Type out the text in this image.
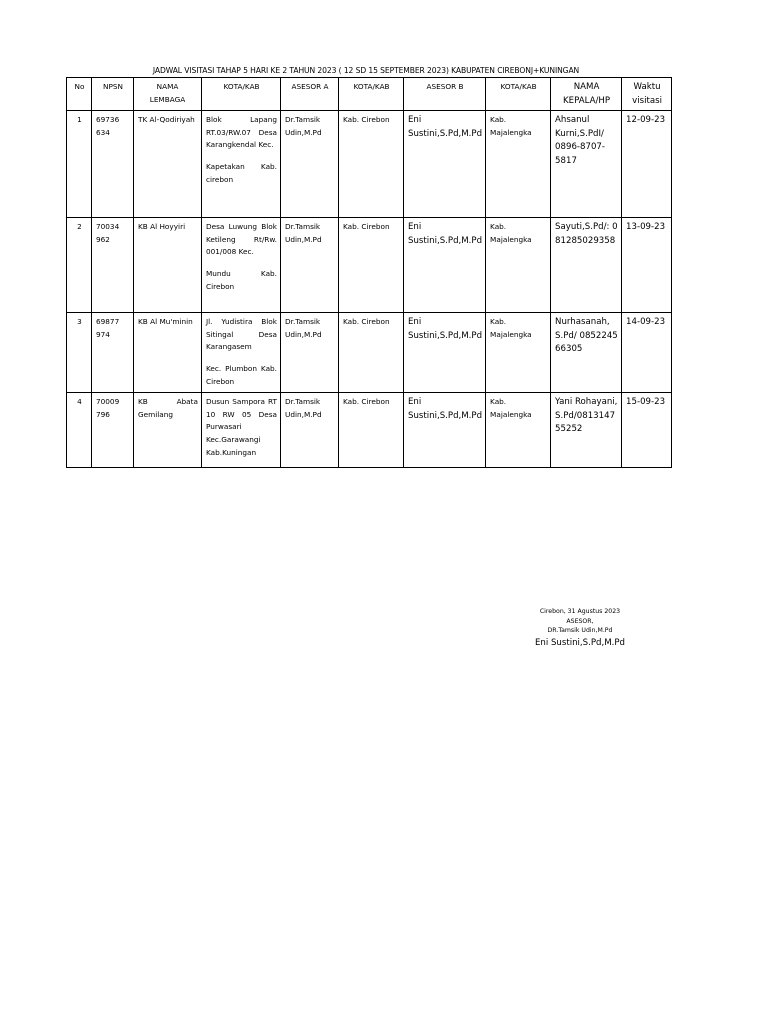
JADWAL VISITASI TAHAP 5 HARI KE 2 TAHUN 2023 ( 12 SD 15 SEPTEMBER 2023) KABUPATEN CIREBONJ+KUNINGAN
No	NPSN	NAMA LEMBAGA	KOTA/KAB	ASESOR A	KOTA/KAB	ASESOR B	KOTA/KAB	NAMA KEPALA/HP	Waktu visitasi
1	69736 634	TK Al-Qodiriyah	Blok Lapang RT.03/RW.07 Desa Karangkendal Kec.
Kapetakan Kab. cirebon	Dr.Tamsik Udin,M.Pd	Kab. Cirebon	Eni Sustini,S.Pd,M.Pd	Kab. Majalengka	Ahsanul Kurni,S.PdI/ 0896-8707-5817	12-09-23
2	70034 962	KB Al Hoyyiri	Desa Luwung Blok Ketileng Rt/Rw. 001/008 Kec.
Mundu Kab. Cirebon	Dr.Tamsik Udin,M.Pd	Kab. Cirebon	Eni Sustini,S.Pd,M.Pd	Kab. Majalengka	Sayuti,S.Pd/: 081285029358	13-09-23
3	69877 974	KB Al Mu'minin	Jl. Yudistira Blok Sitingal Desa Karangasem
Kec. Plumbon Kab. Cirebon	Dr.Tamsik Udin,M.Pd	Kab. Cirebon	Eni Sustini,S.Pd,M.Pd	Kab. Majalengka	Nurhasanah, S.Pd/ 085224566305	14-09-23
4	70009 796	KB Abata Gemilang	Dusun Sampora RT 10 RW 05 Desa Purwasari Kec.Garawangi Kab.Kuningan	Dr.Tamsik Udin,M.Pd	Kab. Cirebon	Eni Sustini,S.Pd,M.Pd	Kab. Majalengka	Yani Rohayani,S.Pd/081314755252	15-09-23
Cirebon, 31 Agustus 2023
ASESOR,
DR.Tamsik Udin,M.Pd
Eni Sustini,S.Pd,M.Pd
